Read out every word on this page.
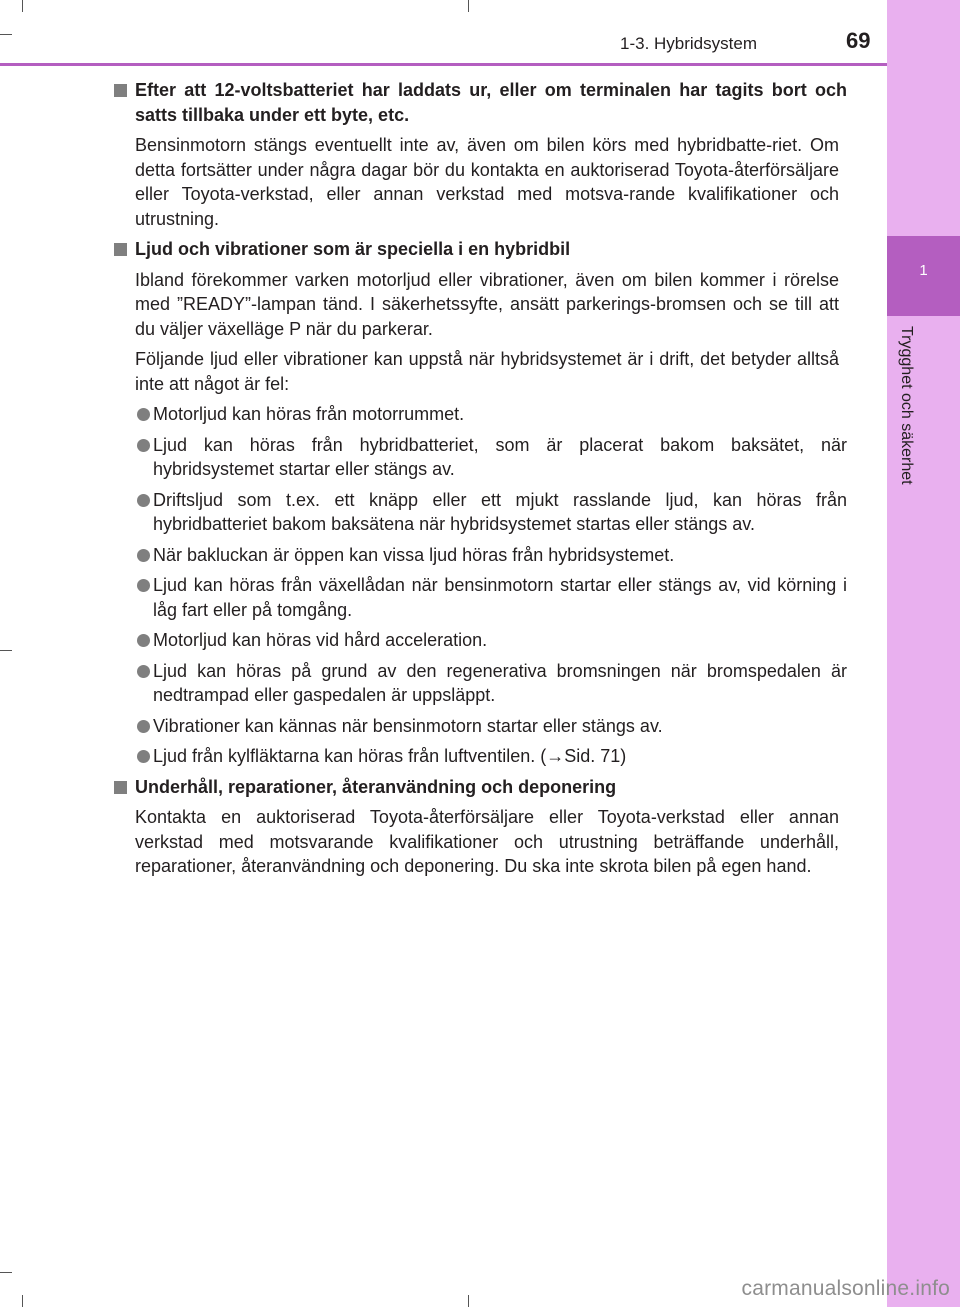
1
Trygghet och säkerhet
1-3. Hybridsystem	69
Efter att 12-voltsbatteriet har laddats ur, eller om terminalen har tagits bort och satts tillbaka under ett byte, etc.
Bensinmotorn stängs eventuellt inte av, även om bilen körs med hybridbatte-riet. Om detta fortsätter under några dagar bör du kontakta en auktoriserad Toyota-återförsäljare eller Toyota-verkstad, eller annan verkstad med motsva-rande kvalifikationer och utrustning.
Ljud och vibrationer som är speciella i en hybridbil
Ibland förekommer varken motorljud eller vibrationer, även om bilen kommer i rörelse med ”READY”-lampan tänd. I säkerhetssyfte, ansätt parkerings-bromsen och se till att du väljer växelläge P när du parkerar.
Följande ljud eller vibrationer kan uppstå när hybridsystemet är i drift, det betyder alltså inte att något är fel:
Motorljud kan höras från motorrummet.
Ljud kan höras från hybridbatteriet, som är placerat bakom baksätet, när hybridsystemet startar eller stängs av.
Driftsljud som t.ex. ett knäpp eller ett mjukt rasslande ljud, kan höras från hybridbatteriet bakom baksätena när hybridsystemet startas eller stängs av.
När bakluckan är öppen kan vissa ljud höras från hybridsystemet.
Ljud kan höras från växellådan när bensinmotorn startar eller stängs av, vid körning i låg fart eller på tomgång.
Motorljud kan höras vid hård acceleration.
Ljud kan höras på grund av den regenerativa bromsningen när bromspedalen är nedtrampad eller gaspedalen är uppsläppt.
Vibrationer kan kännas när bensinmotorn startar eller stängs av.
Ljud från kylfläktarna kan höras från luftventilen. (→Sid. 71)
Underhåll, reparationer, återanvändning och deponering
Kontakta en auktoriserad Toyota-återförsäljare eller Toyota-verkstad eller annan verkstad med motsvarande kvalifikationer och utrustning beträffande underhåll, reparationer, återanvändning och deponering. Du ska inte skrota bilen på egen hand.
carmanualsonline.info
